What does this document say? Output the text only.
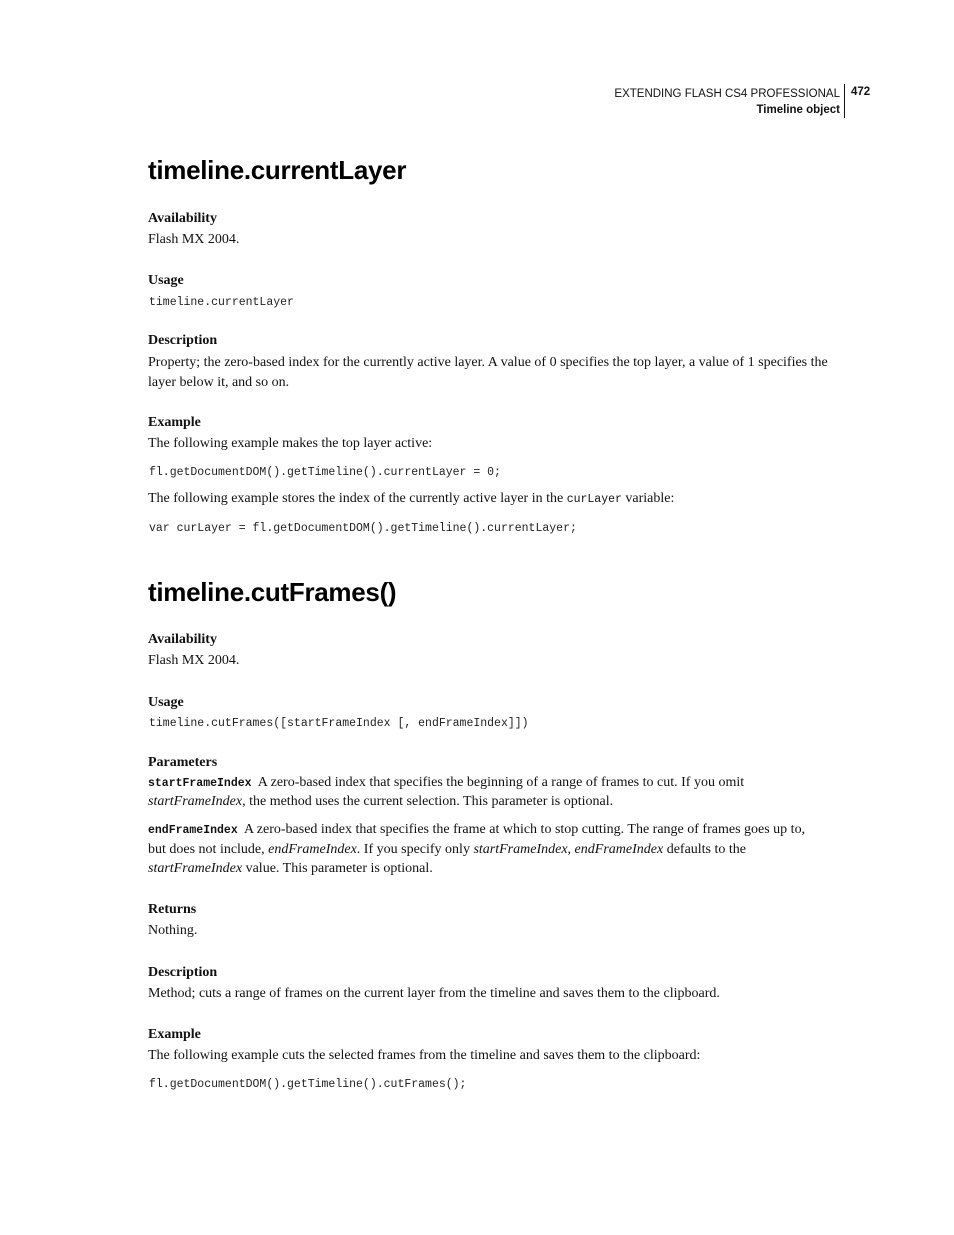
EXTENDING FLASH CS4 PROFESSIONAL
Timeline object
472
timeline.currentLayer
Availability
Flash MX 2004.
Usage
timeline.currentLayer
Description
Property; the zero-based index for the currently active layer. A value of 0 specifies the top layer, a value of 1 specifies the layer below it, and so on.
Example
The following example makes the top layer active:
fl.getDocumentDOM().getTimeline().currentLayer = 0;
The following example stores the index of the currently active layer in the curLayer variable:
var curLayer = fl.getDocumentDOM().getTimeline().currentLayer;
timeline.cutFrames()
Availability
Flash MX 2004.
Usage
timeline.cutFrames([startFrameIndex [, endFrameIndex]])
Parameters
startFrameIndex A zero-based index that specifies the beginning of a range of frames to cut. If you omit
startFrameIndex, the method uses the current selection. This parameter is optional.
endFrameIndex A zero-based index that specifies the frame at which to stop cutting. The range of frames goes up to,
but does not include, endFrameIndex. If you specify only startFrameIndex, endFrameIndex defaults to the
startFrameIndex value. This parameter is optional.
Returns
Nothing.
Description
Method; cuts a range of frames on the current layer from the timeline and saves them to the clipboard.
Example
The following example cuts the selected frames from the timeline and saves them to the clipboard:
fl.getDocumentDOM().getTimeline().cutFrames();
